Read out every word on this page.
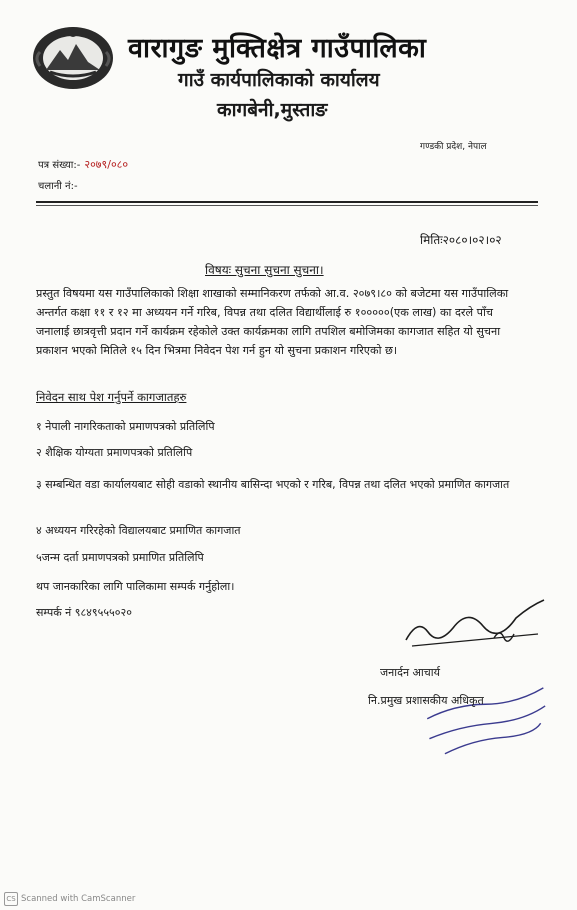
वारागुङ मुक्तिक्षेत्र गाउँपालिका
गाउँ कार्यपालिकाको कार्यालय
कागबेनी,मुस्ताङ
गण्डकी प्रदेश, नेपाल
पत्र संख्या:- २०७९/०८०
चलानी नं:-
मितिः२०८०।०२।०२
विषयः सुचना सुचना सुचना।
प्रस्तुत विषयमा यस गाउँपालिकाको शिक्षा शाखाको सम्मानिकरण तर्फको आ.व. २०७९।८० को बजेटमा यस गाउँपालिका अन्तर्गत कक्षा ११ र १२ मा अध्ययन गर्ने गरिब, विपन्न तथा दलित विद्यार्थीलाई रु १०००००(एक लाख) का दरले पाँच जनालाई छात्रवृत्ती प्रदान गर्ने कार्यक्रम रहेकोले उक्त कार्यक्रमका लागि तपशिल बमोजिमका कागजात सहित यो सुचना प्रकाशन भएको मितिले १५ दिन भित्रमा निवेदन पेश गर्न हुन यो सुचना प्रकाशन गरिएको छ।
निवेदन साथ पेश गर्नुपर्ने कागजातहरु
१ नेपाली नागरिकताको प्रमाणपत्रको प्रतिलिपि
२ शैक्षिक योग्यता प्रमाणपत्रको प्रतिलिपि
३ सम्बन्धित वडा कार्यालयबाट सोही वडाको स्थानीय बासिन्दा भएको र गरिब, विपन्न तथा दलित भएको प्रमाणित कागजात
४ अध्ययन गरिरहेको विद्यालयबाट प्रमाणित कागजात
५जन्म दर्ता प्रमाणपत्रको प्रमाणित प्रतिलिपि
थप जानकारिका लागि पालिकामा सम्पर्क गर्नुहोला।
सम्पर्क नं ९८४९५५५०२०
जनार्दन आचार्य
नि.प्रमुख प्रशासकीय अधिकृत
CS Scanned with CamScanner
